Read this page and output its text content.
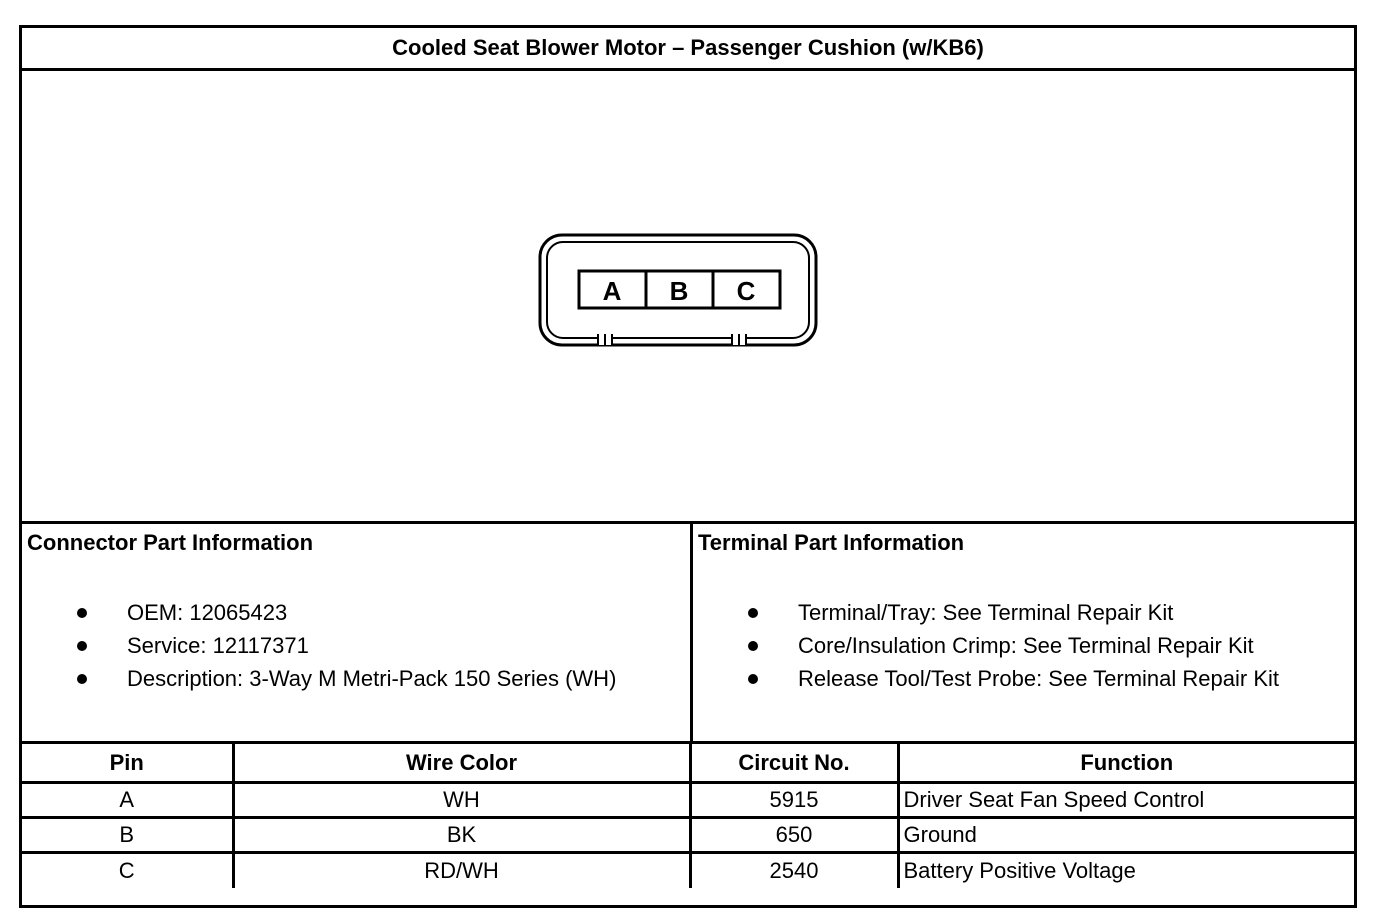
Cooled Seat Blower Motor – Passenger Cushion (w/KB6)
A B C
Connector Part Information
OEM: 12065423
Service: 12117371
Description: 3-Way M Metri-Pack 150 Series (WH)
Terminal Part Information
Terminal/Tray: See Terminal Repair Kit
Core/Insulation Crimp: See Terminal Repair Kit
Release Tool/Test Probe: See Terminal Repair Kit
Pin	Wire Color	Circuit No.	Function
A	WH	5915	Driver Seat Fan Speed Control
B	BK	650	Ground
C	RD/WH	2540	Battery Positive Voltage
